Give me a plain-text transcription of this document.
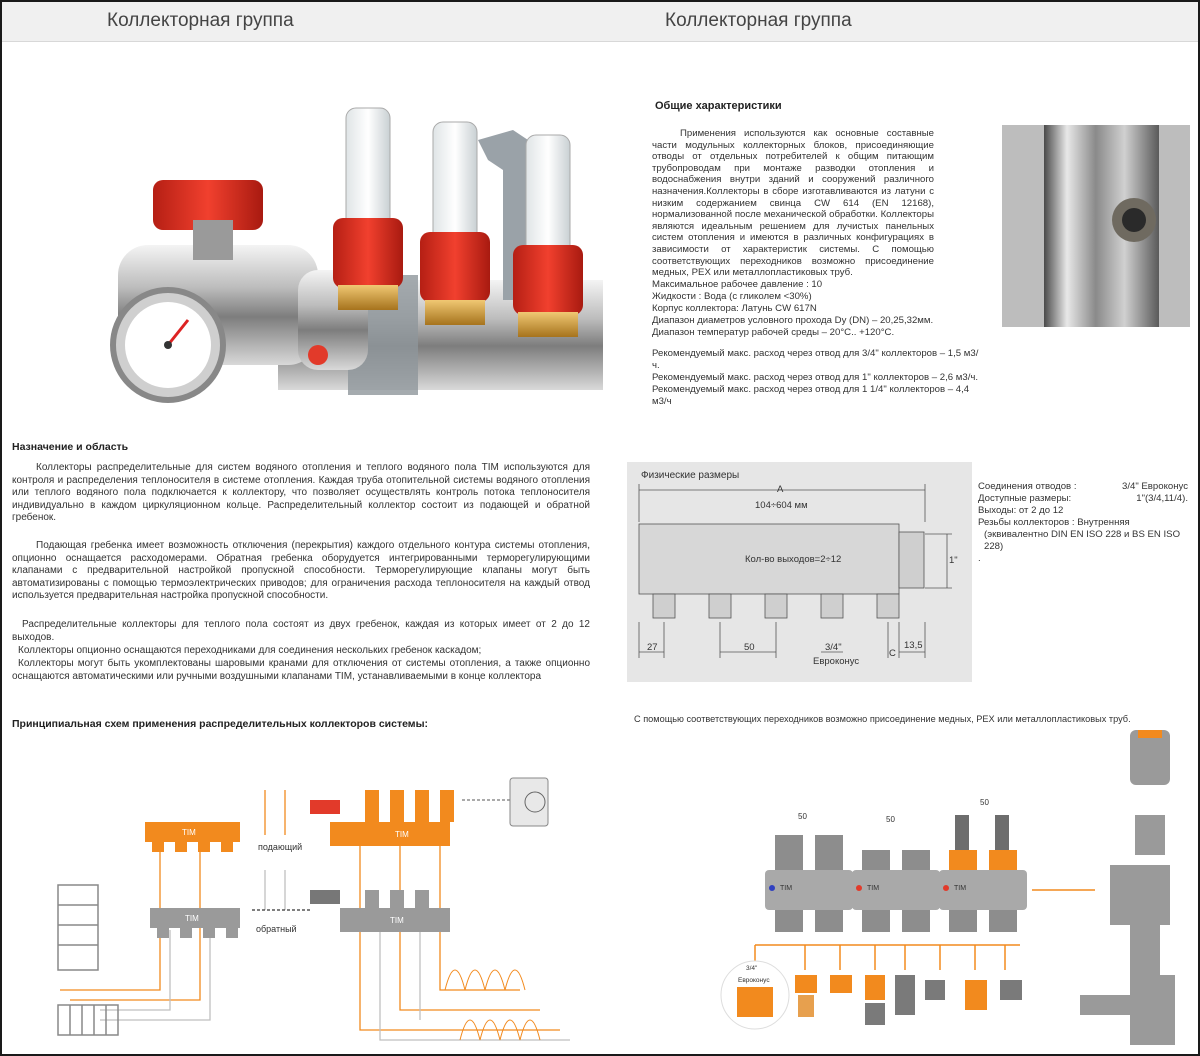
Коллекторная группа	Коллекторная группа
Общие характеристики
Применения используются как основные составные части модульных коллекторных блоков, присоединяющие отводы от отдельных потребителей к общим питающим трубопроводам при монтаже разводки отопления и водоснабжения внутри зданий и сооружений различного назначения.Коллекторы в сборе изготавливаются из латуни с низким содержанием свинца CW 614 (EN 12168), нормализованной после механической обработки. Коллекторы являются идеальным решением для лучистых панельных систем отопления и имеются в различных конфигурациях в зависимости от характеристик системы. С помощью соответствующих переходников возможно присоединение медных, PEX или металлопластиковых труб.
Максимальное рабочее давление : 10
Жидкости : Вода (с гликолем <30%)
Корпус коллектора: Латунь CW 617N
Диапазон диаметров условного прохода Dy (DN) – 20,25,32мм.
Диапазон температур рабочей среды – 20°C.. +120°C.
Рекомендуемый макс. расход через отвод для 3/4" коллекторов – 1,5 м3/ч.
Рекомендуемый макс. расход через отвод для 1" коллекторов – 2,6 м3/ч.
Рекомендуемый макс. расход через отвод для 1 1/4" коллекторов – 4,4 м3/ч
Назначение и область
Коллекторы распределительные для систем водяного отопления и теплого водяного пола TIM используются для контроля и распределения теплоносителя в системе отопления. Каждая труба отопительной системы водяного отопления или теплого водяного пола подключается к коллектору, что позволяет осуществлять контроль потока теплоносителя индивидуально в каждом циркуляционном кольце. Распределительный коллектор состоит из подающей и обратной гребенок.
Подающая гребенка имеет возможность отключения (перекрытия) каждого отдельного контура системы отопления, опционно оснащается расходомерами. Обратная гребенка оборудуется интегрированными терморегулирующими клапанами с предварительной настройкой пропускной способности. Терморегулирующие клапаны могут быть автоматизированы с помощью термоэлектрических приводов; для ограничения расхода теплоносителя на каждый отвод используется предварительная настройка пропускной способности.
Распределительные коллекторы для теплого пола состоят из двух гребенок, каждая из которых имеет от 2 до 12 выходов.
Коллекторы опционно оснащаются переходниками для соединения нескольких гребенок каскадом;
Коллекторы могут быть укомплектованы шаровыми кранами для отключения от системы отопления, а также опционно оснащаются автоматическими или ручными воздушными клапанами TIM, устанавливаемыми в конце коллектора
Физические размеры
A
104÷604 мм
Кол-во выходов=2÷12	1"
27	50	3/4"
Евроконус
C
13,5
Соединения отводов :	3/4" Евроконус
Доступные размеры:	1"(3/4,11/4).
Выходы: от 2 до 12
Резьбы коллекторов : Внутренняя
(эквивалентно DIN EN ISO 228 и BS EN ISO 228)
.
Принципиальная схем применения распределительных коллекторов системы:
TIM
TIM
TIM
TIM
подающий
обратный
С помощью соответствующих переходников возможно присоединение медных, PEX или металлопластиковых труб.
50	50
50
TIM	TIM	TIM
3/4"
Евроконус
